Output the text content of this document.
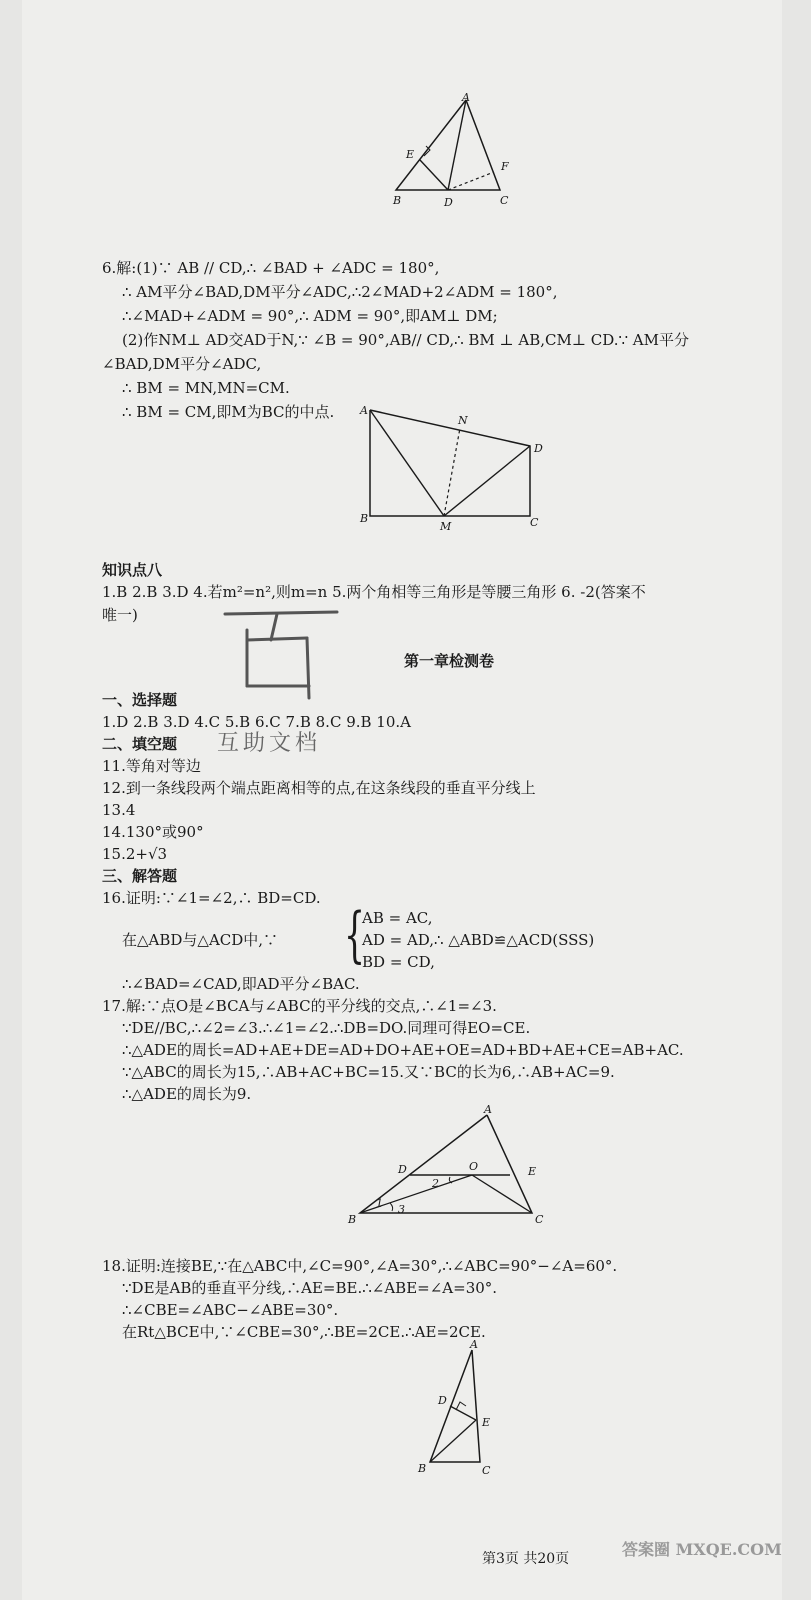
A
E
F
B	D	C
6.解:(1)∵ AB // CD,∴ ∠BAD + ∠ADC = 180°,
∴ AM平分∠BAD,DM平分∠ADC,∴2∠MAD+2∠ADM = 180°,
∴∠MAD+∠ADM = 90°,∴ ADM = 90°,即AM⊥ DM;
(2)作NM⊥ AD交AD于N,∵ ∠B = 90°,AB// CD,∴ BM ⊥ AB,CM⊥ CD.∵ AM平分
∠BAD,DM平分∠ADC,
∴ BM = MN,MN=CM.
∴ BM = CM,即M为BC的中点. A
N
D
B
M	C
知识点八
1.B 2.B 3.D 4.若m²=n²,则m=n 5.两个角相等三角形是等腰三角形 6. -2(答案不
唯一)
互助文档
第一章检测卷
一、选择题
1.D 2.B 3.D 4.C 5.B 6.C 7.B 8.C 9.B 10.A
二、填空题
11.等角对等边
12.到一条线段两个端点距离相等的点,在这条线段的垂直平分线上
13.4
14.130°或90°
15.2+√3
三、解答题
16.证明:∵∠1=∠2,∴ BD=CD.
在△ABD与△ACD中,∵ {
AB = AC,
AD = AD,∴ △ABD≌△ACD(SSS)
BD = CD,
∴∠BAD=∠CAD,即AD平分∠BAC.
17.解:∵点O是∠BCA与∠ABC的平分线的交点,∴∠1=∠3.
∵DE//BC,∴∠2=∠3.∴∠1=∠2.∴DB=DO.同理可得EO=CE.
∴△ADE的周长=AD+AE+DE=AD+DO+AE+OE=AD+BD+AE+CE=AB+AC.
∵△ABC的周长为15,∴AB+AC+BC=15.又∵BC的长为6,∴AB+AC=9.
∴△ADE的周长为9.
A
D	O	E
B	C
1
2
3
18.证明:连接BE,∵在△ABC中,∠C=90°,∠A=30°,∴∠ABC=90°−∠A=60°.
∵DE是AB的垂直平分线,∴AE=BE.∴∠ABE=∠A=30°.
∴∠CBE=∠ABC−∠ABE=30°.
在Rt△BCE中,∵∠CBE=30°,∴BE=2CE.∴AE=2CE.
A
D
E
B	C
第3页 共20页	答案圈 MXQE.COM
